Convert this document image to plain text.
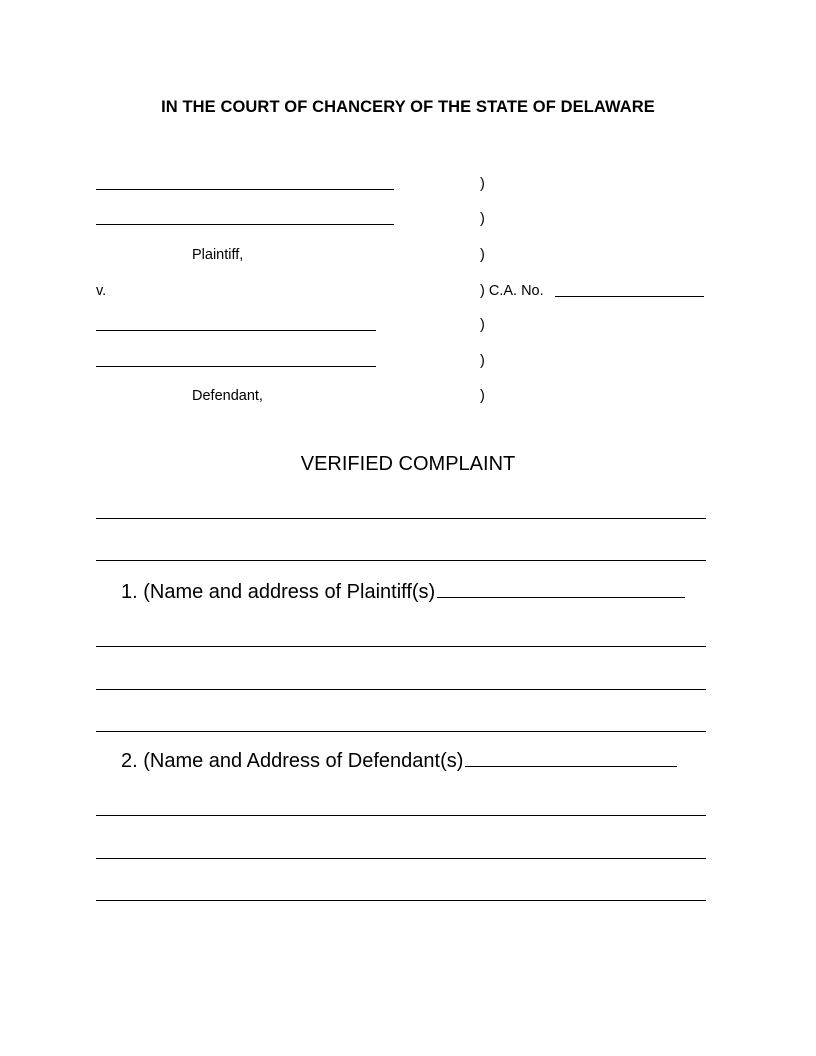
IN THE COURT OF CHANCERY OF THE STATE OF DELAWARE
)
)
Plaintiff,	)
v.	) C.A. No.
)
)
Defendant,	)
VERIFIED COMPLAINT
1. (Name and address of Plaintiff(s)
2. (Name and Address of Defendant(s)
